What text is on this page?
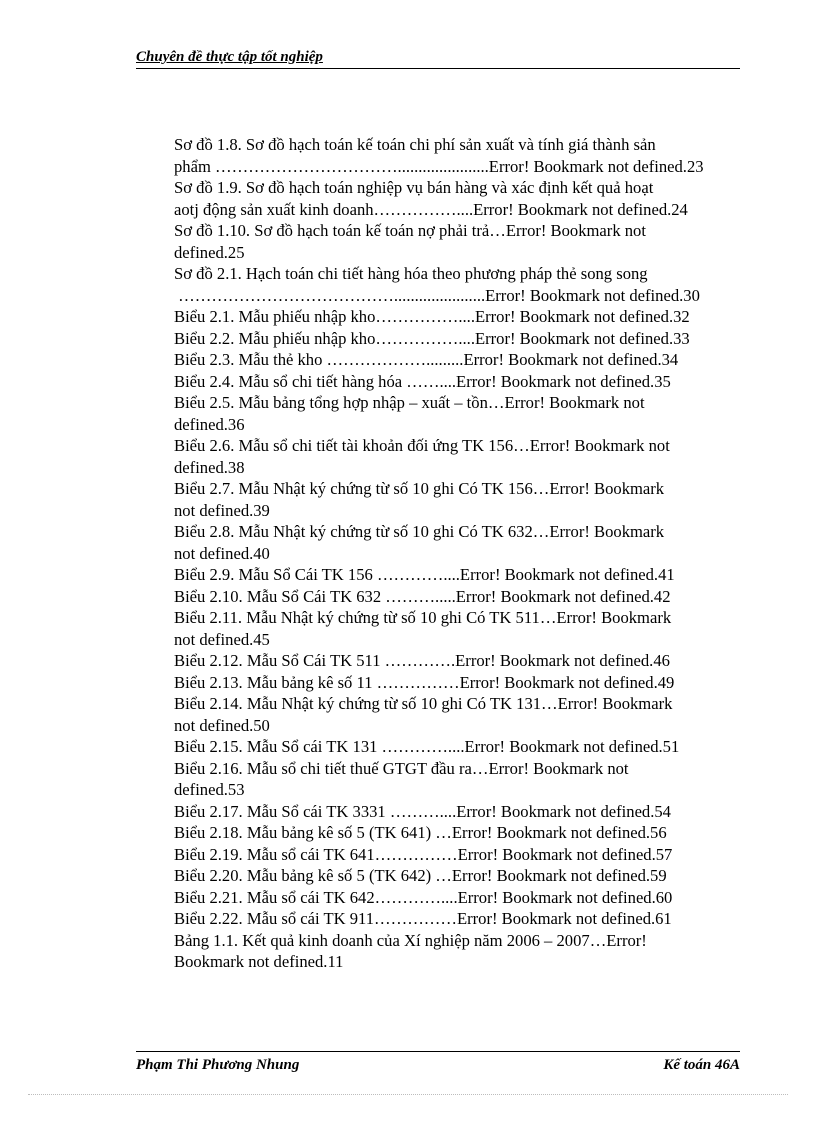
Chuyên đề thực tập tốt nghiệp
Sơ đồ 1.8. Sơ đồ hạch toán kế toán chi phí sản xuất và tính giá thành sản
phẩm ……………………………......................Error! Bookmark not defined.23
Sơ đồ 1.9. Sơ đồ hạch toán nghiệp vụ bán hàng và xác định kết quả hoạt
aotj động sản xuất kinh doanh……………....Error! Bookmark not defined.24
Sơ đồ 1.10. Sơ đồ hạch toán kế toán nợ phải trả…Error! Bookmark not
defined.25
Sơ đồ 2.1. Hạch toán chi tiết hàng hóa theo phương pháp thẻ song song
…………………………………......................Error! Bookmark not defined.30
Biểu 2.1. Mẫu phiếu nhập kho……………....Error! Bookmark not defined.32
Biểu 2.2. Mẫu phiếu nhập kho……………....Error! Bookmark not defined.33
Biểu 2.3. Mẫu thẻ kho ……………….........Error! Bookmark not defined.34
Biểu 2.4. Mẫu sổ chi tiết hàng hóa ……....Error! Bookmark not defined.35
Biểu 2.5. Mẫu bảng tổng hợp nhập – xuất – tồn…Error! Bookmark not
defined.36
Biểu 2.6. Mẫu sổ chi tiết tài khoản đối ứng TK 156…Error! Bookmark not
defined.38
Biểu 2.7. Mẫu Nhật ký chứng từ số 10 ghi Có TK 156…Error! Bookmark
not defined.39
Biểu 2.8. Mẫu Nhật ký chứng từ số 10 ghi Có TK 632…Error! Bookmark
not defined.40
Biểu 2.9. Mẫu Sổ Cái TK 156 …………....Error! Bookmark not defined.41
Biểu 2.10. Mẫu Sổ Cái TK 632 ……….....Error! Bookmark not defined.42
Biểu 2.11. Mẫu Nhật ký chứng từ số 10 ghi Có TK 511…Error! Bookmark
not defined.45
Biểu 2.12. Mẫu Sổ Cái TK 511 ………….Error! Bookmark not defined.46
Biểu 2.13. Mẫu bảng kê số 11 ……………Error! Bookmark not defined.49
Biểu 2.14. Mẫu Nhật ký chứng từ số 10 ghi Có TK 131…Error! Bookmark
not defined.50
Biểu 2.15. Mẫu Sổ cái TK 131 …………....Error! Bookmark not defined.51
Biểu 2.16. Mẫu sổ chi tiết thuế GTGT đầu ra…Error! Bookmark not
defined.53
Biểu 2.17. Mẫu Sổ cái TK 3331 ………....Error! Bookmark not defined.54
Biểu 2.18. Mẫu bảng kê số 5 (TK 641) …Error! Bookmark not defined.56
Biểu 2.19. Mẫu sổ cái TK 641……………Error! Bookmark not defined.57
Biểu 2.20. Mẫu bảng kê số 5 (TK 642) …Error! Bookmark not defined.59
Biểu 2.21. Mẫu sổ cái TK 642…………....Error! Bookmark not defined.60
Biểu 2.22. Mẫu sổ cái TK 911……………Error! Bookmark not defined.61
Bảng 1.1. Kết quả kinh doanh của Xí nghiệp năm 2006 – 2007…Error!
Bookmark not defined.11
Phạm Thi Phương Nhung	Kế toán 46A
